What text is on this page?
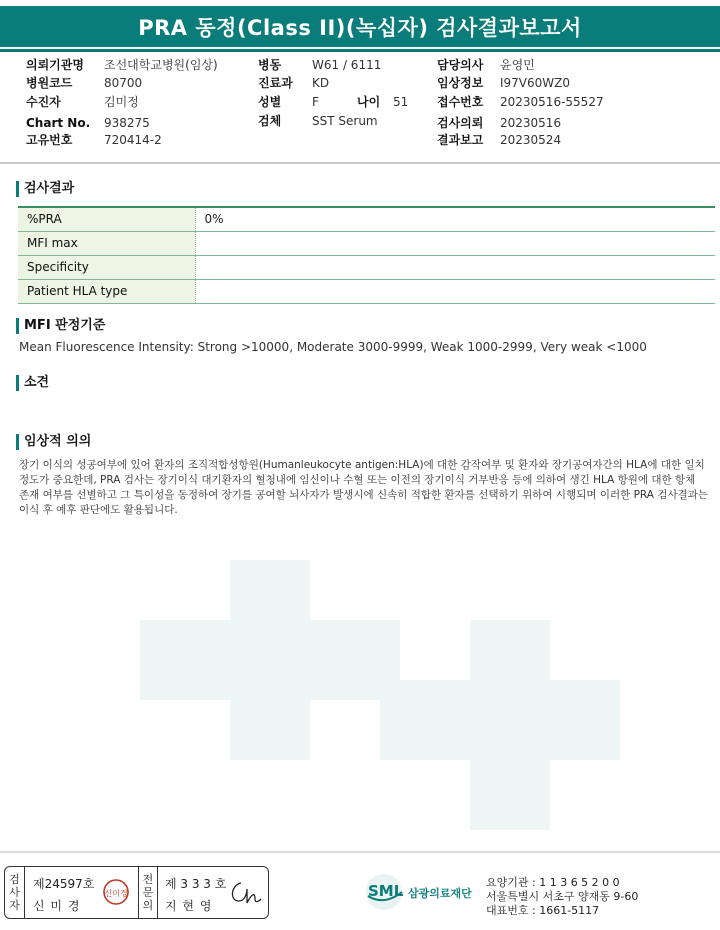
PRA 동정(Class II)(녹십자) 검사결과보고서
의뢰기관명 조선대학교병원(임상)
병원코드	80700
수진자	김미정
Chart No. 938275
고유번호	720414-2
병동	W61 / 6111
진료과 KD
성별	F	나이 51
검체	SST Serum
담당의사 윤영민
임상정보 I97V60WZ0
접수번호 20230516-55527
검사의뢰 20230516
결과보고 20230524
검사결과
%PRA	0%
MFI max	
Specificity	
Patient HLA type	
MFI 판정기준
Mean Fluorescence Intensity: Strong >10000, Moderate 3000-9999, Weak 1000-2999, Very weak <1000
소견
임상적 의의
장기 이식의 성공여부에 있어 환자의 조직적합성항원(Humanleukocyte antigen:HLA)에 대한 감작여부 및 환자와 장기공여자간의 HLA에 대한 일치
정도가 중요한데, PRA 검사는 장기이식 대기환자의 혈청내에 임신이나 수혈 또는 이전의 장기이식 거부반응 등에 의하여 생긴 HLA 항원에 대한 항체
존재 여부를 선별하고 그 특이성을 동정하여 장기를 공여할 뇌사자가 발생시에 신속히 적합한 환자를 선택하기 위하여 시행되며 이러한 PRA 검사결과는
이식 후 예후 판단에도 활용됩니다.
검
사
자
제24597호
신 미 경
신미경
전
문
의
제 3 3 3 호
지 현 영
SML 삼광의료재단
요양기관 : 1 1 3 6 5 2 0 0
서울특별시 서초구 양재동 9-60
대표번호 : 1661-5117
